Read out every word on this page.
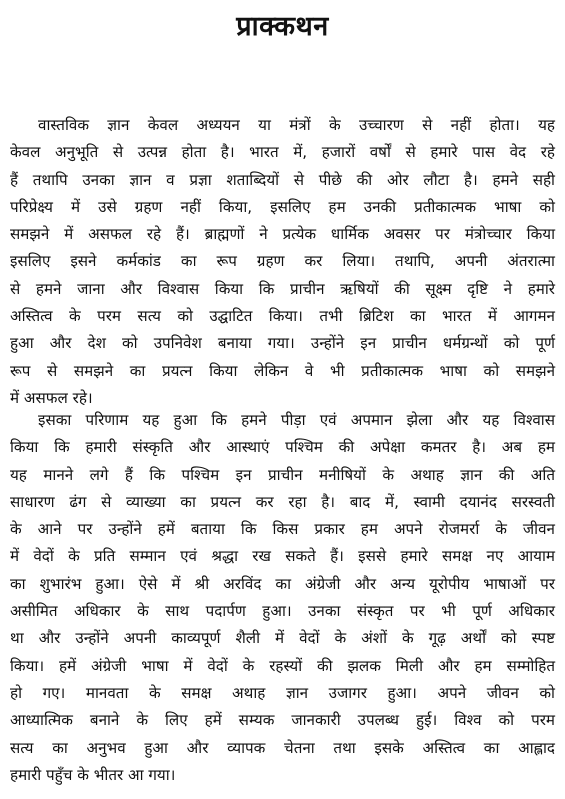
प्राक्कथन

वास्तविक ज्ञान केवल अध्ययन या मंत्रों के उच्चारण से नहीं होता। यह
केवल अनुभूति से उत्पन्न होता है। भारत में, हजारों वर्षों से हमारे पास वेद रहे
हैं तथापि उनका ज्ञान व प्रज्ञा शताब्दियों से पीछे की ओर लौटा है। हमने सही
परिप्रेक्ष्य में उसे ग्रहण नहीं किया, इसलिए हम उनकी प्रतीकात्मक भाषा को
समझने में असफल रहे हैं। ब्राह्मणों ने प्रत्येक धार्मिक अवसर पर मंत्रोच्चार किया
इसलिए इसने कर्मकांड का रूप ग्रहण कर लिया। तथापि, अपनी अंतरात्मा
से हमने जाना और विश्वास किया कि प्राचीन ऋषियों की सूक्ष्म दृष्टि ने हमारे
अस्तित्व के परम सत्य को उद्घाटित किया। तभी ब्रिटिश का भारत में आगमन
हुआ और देश को उपनिवेश बनाया गया। उन्होंने इन प्राचीन धर्मग्रन्थों को पूर्ण
रूप से समझने का प्रयत्न किया लेकिन वे भी प्रतीकात्मक भाषा को समझने
में असफल रहे।

इसका परिणाम यह हुआ कि हमने पीड़ा एवं अपमान झेला और यह विश्वास
किया कि हमारी संस्कृति और आस्थाएं पश्चिम की अपेक्षा कमतर है। अब हम
यह मानने लगे हैं कि पश्चिम इन प्राचीन मनीषियों के अथाह ज्ञान की अति
साधारण ढंग से व्याख्या का प्रयत्न कर रहा है। बाद में, स्वामी दयानंद सरस्वती
के आने पर उन्होंने हमें बताया कि किस प्रकार हम अपने रोजमर्रा के जीवन
में वेदों के प्रति सम्मान एवं श्रद्धा रख सकते हैं। इससे हमारे समक्ष नए आयाम
का शुभारंभ हुआ। ऐसे में श्री अरविंद का अंग्रेजी और अन्य यूरोपीय भाषाओं पर
असीमित अधिकार के साथ पदार्पण हुआ। उनका संस्कृत पर भी पूर्ण अधिकार
था और उन्होंने अपनी काव्यपूर्ण शैली में वेदों के अंशों के गूढ़ अर्थों को स्पष्ट
किया। हमें अंग्रेजी भाषा में वेदों के रहस्यों की झलक मिली और हम सम्मोहित
हो गए। मानवता के समक्ष अथाह ज्ञान उजागर हुआ। अपने जीवन को
आध्यात्मिक बनाने के लिए हमें सम्यक जानकारी उपलब्ध हुई। विश्व को परम
सत्य का अनुभव हुआ और व्यापक चेतना तथा इसके अस्तित्व का आह्लाद
हमारी पहुँच के भीतर आ गया।
